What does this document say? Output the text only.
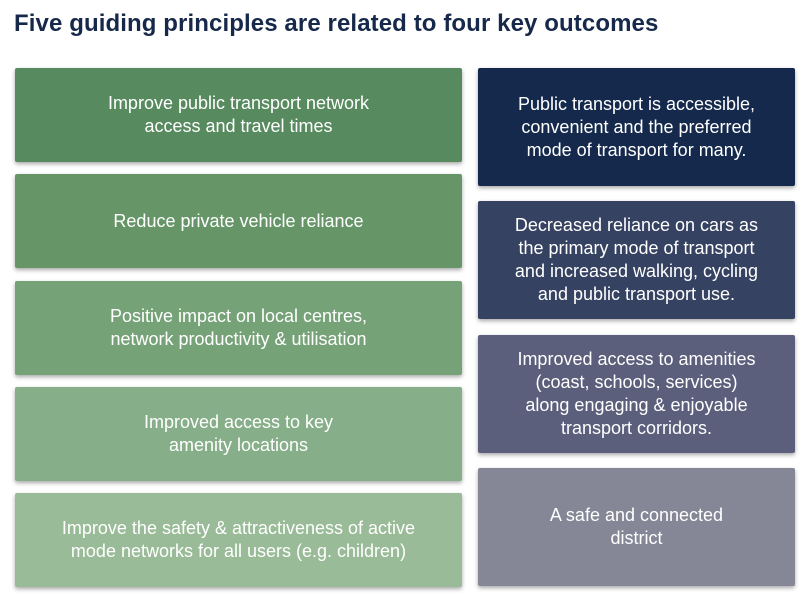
Five guiding principles are related to four key outcomes
Improve public transport network
access and travel times
Reduce private vehicle reliance
Positive impact on local centres,
network productivity & utilisation
Improved access to key
amenity locations
Improve the safety & attractiveness of active
mode networks for all users (e.g. children)
Public transport is accessible,
convenient and the preferred
mode of transport for many.
Decreased reliance on cars as
the primary mode of transport
and increased walking, cycling
and public transport use.
Improved access to amenities
(coast, schools, services)
along engaging & enjoyable
transport corridors.
A safe and connected
district
